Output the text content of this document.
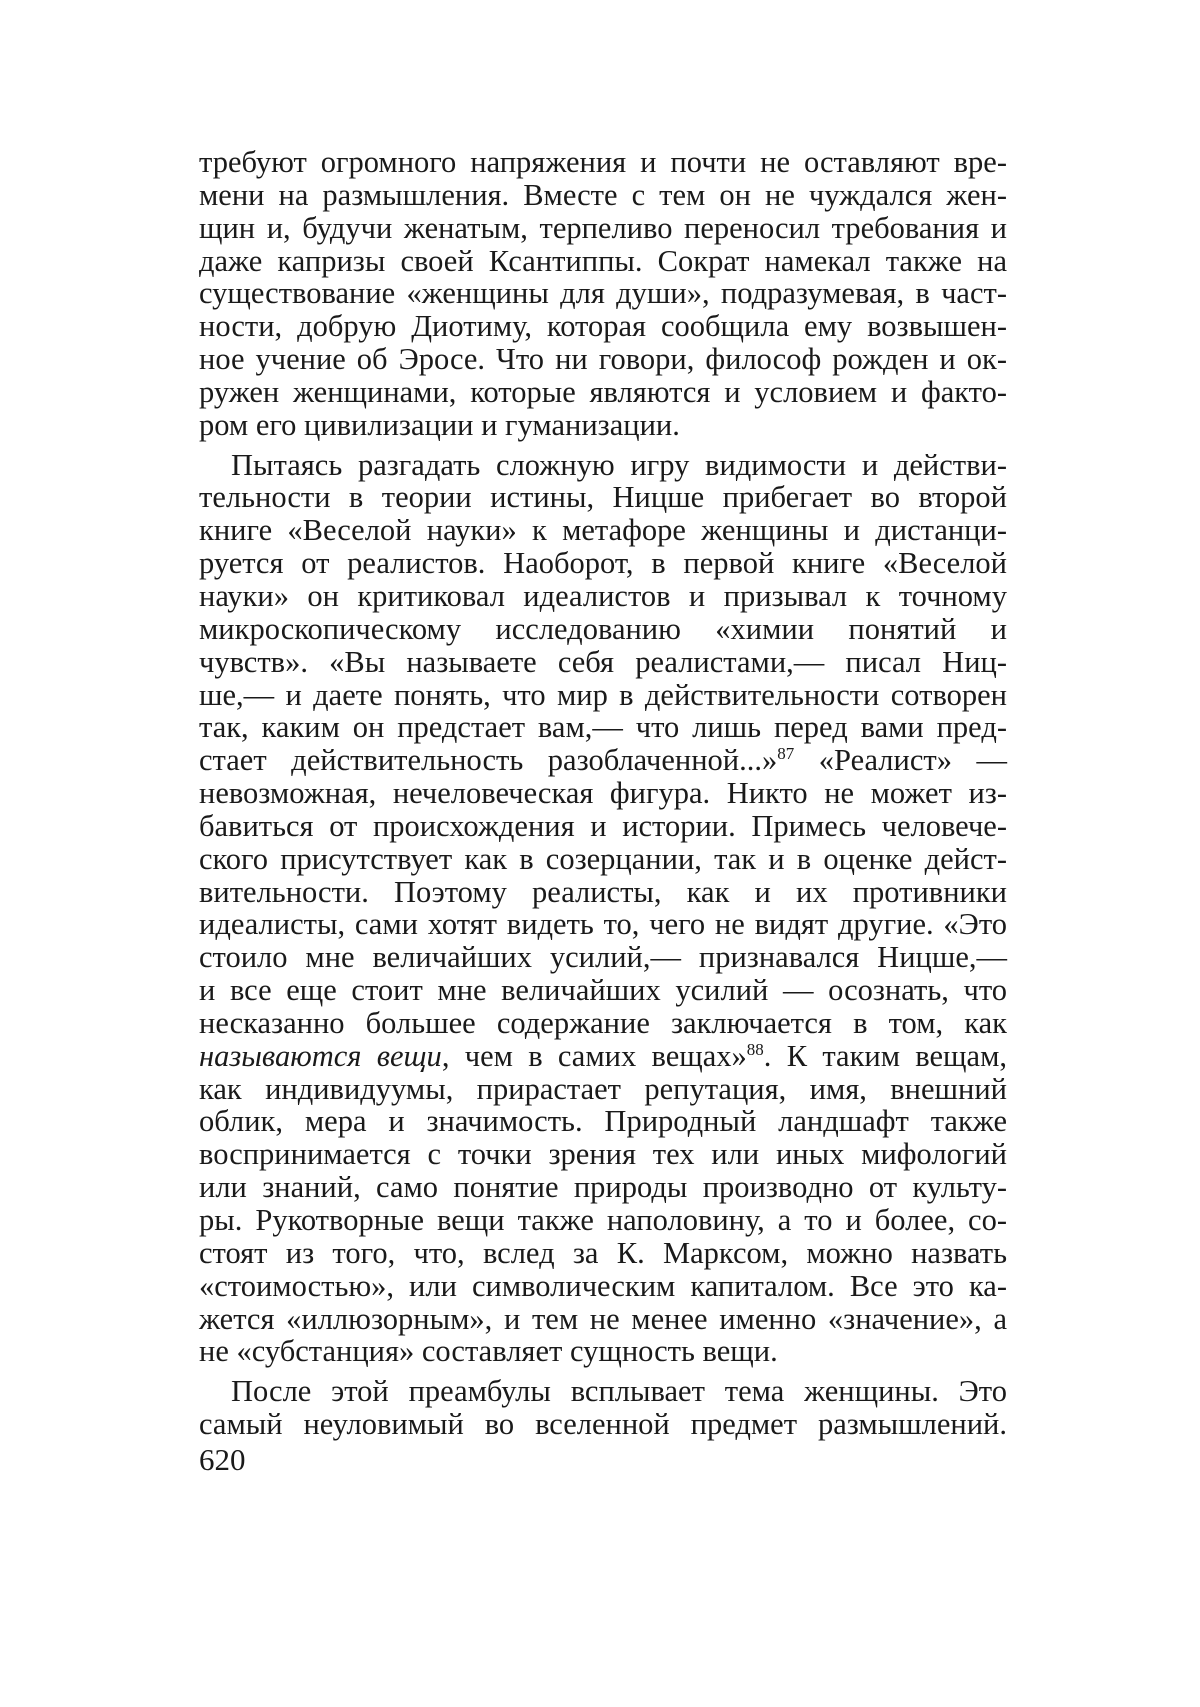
требуют огромного напряжения и почти не оставляют вре-
мени на размышления. Вместе с тем он не чуждался жен-
щин и, будучи женатым, терпеливо переносил требования и
даже капризы своей Ксантиппы. Сократ намекал также на
существование «женщины для души», подразумевая, в част-
ности, добрую Диотиму, которая сообщила ему возвышен-
ное учение об Эросе. Что ни говори, философ рожден и ок-
ружен женщинами, которые являются и условием и факто-
ром его цивилизации и гуманизации.
Пытаясь разгадать сложную игру видимости и действи-
тельности в теории истины, Ницше прибегает во второй
книге «Веселой науки» к метафоре женщины и дистанци-
руется от реалистов. Наоборот, в первой книге «Веселой
науки» он критиковал идеалистов и призывал к точному
микроскопическому исследованию «химии понятий и
чувств». «Вы называете себя реалистами,— писал Ниц-
ше,— и даете понять, что мир в действительности сотворен
так, каким он предстает вам,— что лишь перед вами пред-
стает действительность разоблаченной...»$^{87}$ «Реалист» —
невозможная, нечеловеческая фигура. Никто не может из-
бавиться от происхождения и истории. Примесь человече-
ского присутствует как в созерцании, так и в оценке дейст-
вительности. Поэтому реалисты, как и их противники
идеалисты, сами хотят видеть то, чего не видят другие. «Это
стоило мне величайших усилий,— признавался Ницше,—
и все еще стоит мне величайших усилий — осознать, что
несказанно большее содержание заключается в том, как
называются вещи, чем в самих вещах»$^{88}$. К таким вещам,
как индивидуумы, прирастает репутация, имя, внешний
облик, мера и значимость. Природный ландшафт также
воспринимается с точки зрения тех или иных мифологий
или знаний, само понятие природы производно от культу-
ры. Рукотворные вещи также наполовину, а то и более, со-
стоят из того, что, вслед за К. Марксом, можно назвать
«стоимостью», или символическим капиталом. Все это ка-
жется «иллюзорным», и тем не менее именно «значение», а
не «субстанция» составляет сущность вещи.
После этой преамбулы всплывает тема женщины. Это
самый неуловимый во вселенной предмет размышлений.
620
